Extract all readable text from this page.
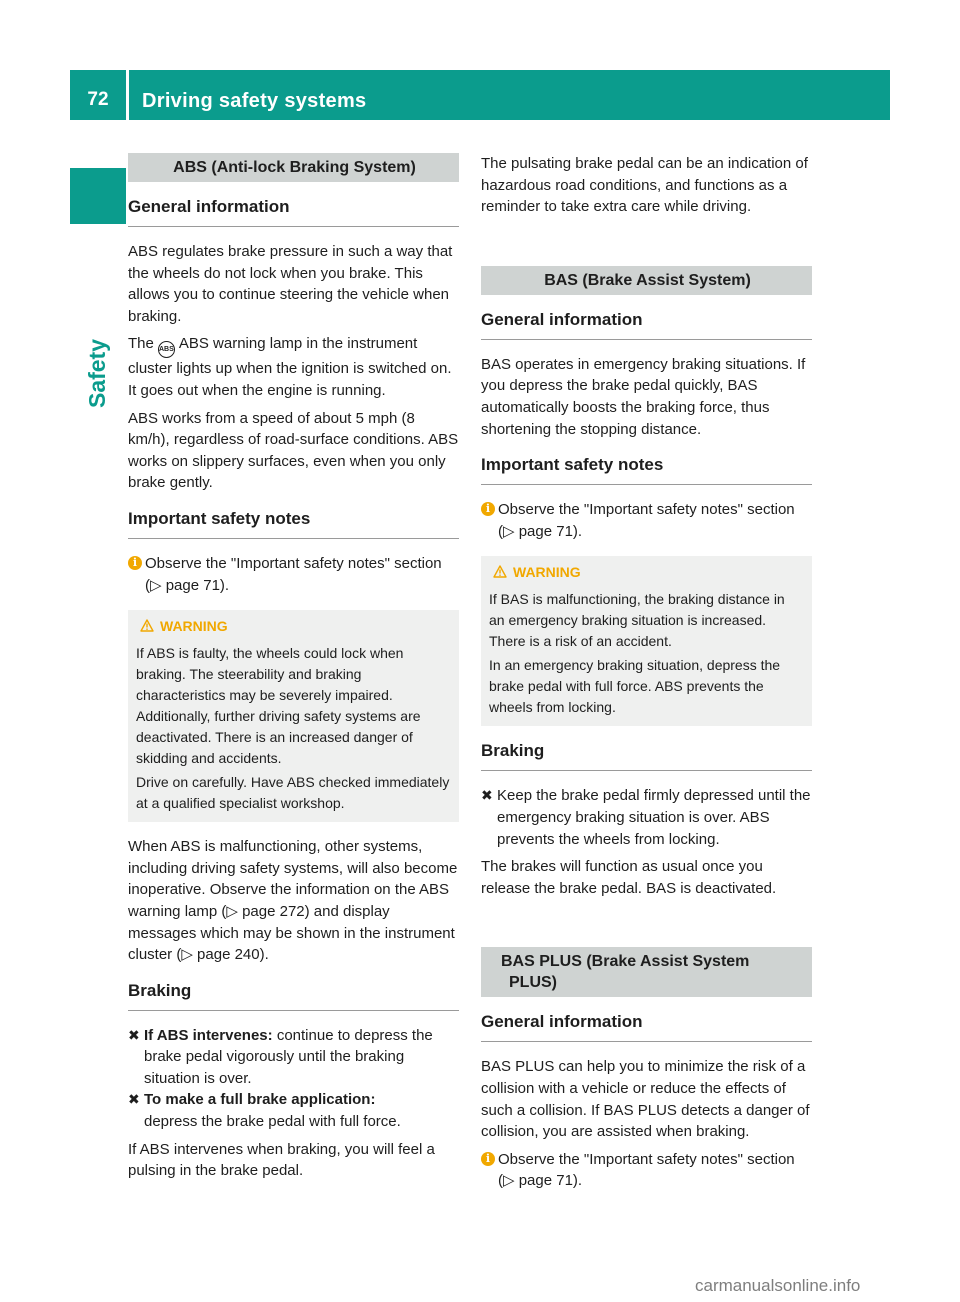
72	Driving safety systems
Safety
ABS (Anti-lock Braking System)
General information

ABS regulates brake pressure in such a way that the wheels do not lock when you brake. This allows you to continue steering the vehicle when braking.

The ABS ABS warning lamp in the instrument cluster lights up when the ignition is switched on. It goes out when the engine is running.

ABS works from a speed of about 5 mph (8 km/h), regardless of road-surface conditions. ABS works on slippery surfaces, even when you only brake gently.

Important safety notes
i Observe the "Important safety notes" section (▷ page 71).
WARNING

If ABS is faulty, the wheels could lock when braking. The steerability and braking characteristics may be severely impaired. Additionally, further driving safety systems are deactivated. There is an increased danger of skidding and accidents.

Drive on carefully. Have ABS checked immediately at a qualified specialist workshop.

When ABS is malfunctioning, other systems, including driving safety systems, will also become inoperative. Observe the information on the ABS warning lamp (▷ page 272) and display messages which may be shown in the instrument cluster (▷ page 240).

Braking
✖ If ABS intervenes: continue to depress the brake pedal vigorously until the braking situation is over.
✖ To make a full brake application:
depress the brake pedal with full force.

If ABS intervenes when braking, you will feel a pulsing in the brake pedal.

The pulsating brake pedal can be an indication of hazardous road conditions, and functions as a reminder to take extra care while driving.

BAS (Brake Assist System)
General information

BAS operates in emergency braking situations. If you depress the brake pedal quickly, BAS automatically boosts the braking force, thus shortening the stopping distance.

Important safety notes
i Observe the "Important safety notes" section (▷ page 71).
WARNING

If BAS is malfunctioning, the braking distance in an emergency braking situation is increased. There is a risk of an accident.

In an emergency braking situation, depress the brake pedal with full force. ABS prevents the wheels from locking.

Braking
✖ Keep the brake pedal firmly depressed until the emergency braking situation is over. ABS prevents the wheels from locking.

The brakes will function as usual once you release the brake pedal. BAS is deactivated.

BAS PLUS (Brake Assist System
PLUS)
General information

BAS PLUS can help you to minimize the risk of a collision with a vehicle or reduce the effects of such a collision. If BAS PLUS detects a danger of collision, you are assisted when braking.

i Observe the "Important safety notes" section (▷ page 71).
carmanualsonline.info
